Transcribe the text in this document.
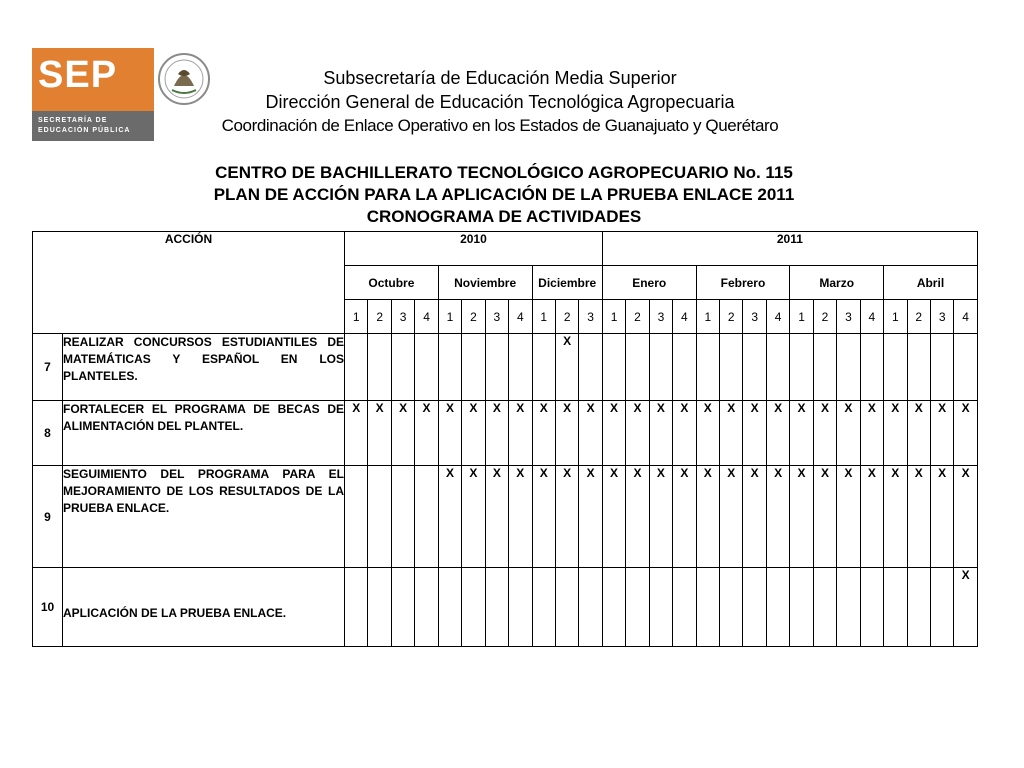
SEP
SECRETARÍA DE
EDUCACIÓN PÚBLICA
Subsecretaría de Educación Media Superior
Dirección General de Educación Tecnológica Agropecuaria
Coordinación de Enlace Operativo en los Estados de Guanajuato y Querétaro
CENTRO DE BACHILLERATO TECNOLÓGICO AGROPECUARIO No. 115
PLAN DE ACCIÓN PARA LA APLICACIÓN DE LA PRUEBA ENLACE 2011
CRONOGRAMA DE ACTIVIDADES
ACCIÓN		2010											2011															
		Octubre				Noviembre				Diciembre			Enero				Febrero				Marzo				Abril			
		1	2	3	4	1	2	3	4	1	2	3	1	2	3	4	1	2	3	4	1	2	3	4	1	2	3	4
7	REALIZAR CONCURSOS ESTUDIANTILES DE MATEMÁTICAS Y ESPAÑOL EN LOS PLANTELES.										X																	
8	FORTALECER EL PROGRAMA DE BECAS DE ALIMENTACIÓN DEL PLANTEL.	X	X	X	X	X	X	X	X	X	X	X	X	X	X	X	X	X	X	X	X	X	X	X	X	X	X	X
9	SEGUIMIENTO DEL PROGRAMA PARA EL MEJORAMIENTO DE LOS RESULTADOS DE LA PRUEBA ENLACE.					X	X	X	X	X	X	X	X	X	X	X	X	X	X	X	X	X	X	X	X	X	X	X
10	APLICACIÓN DE LA PRUEBA ENLACE.																											X
